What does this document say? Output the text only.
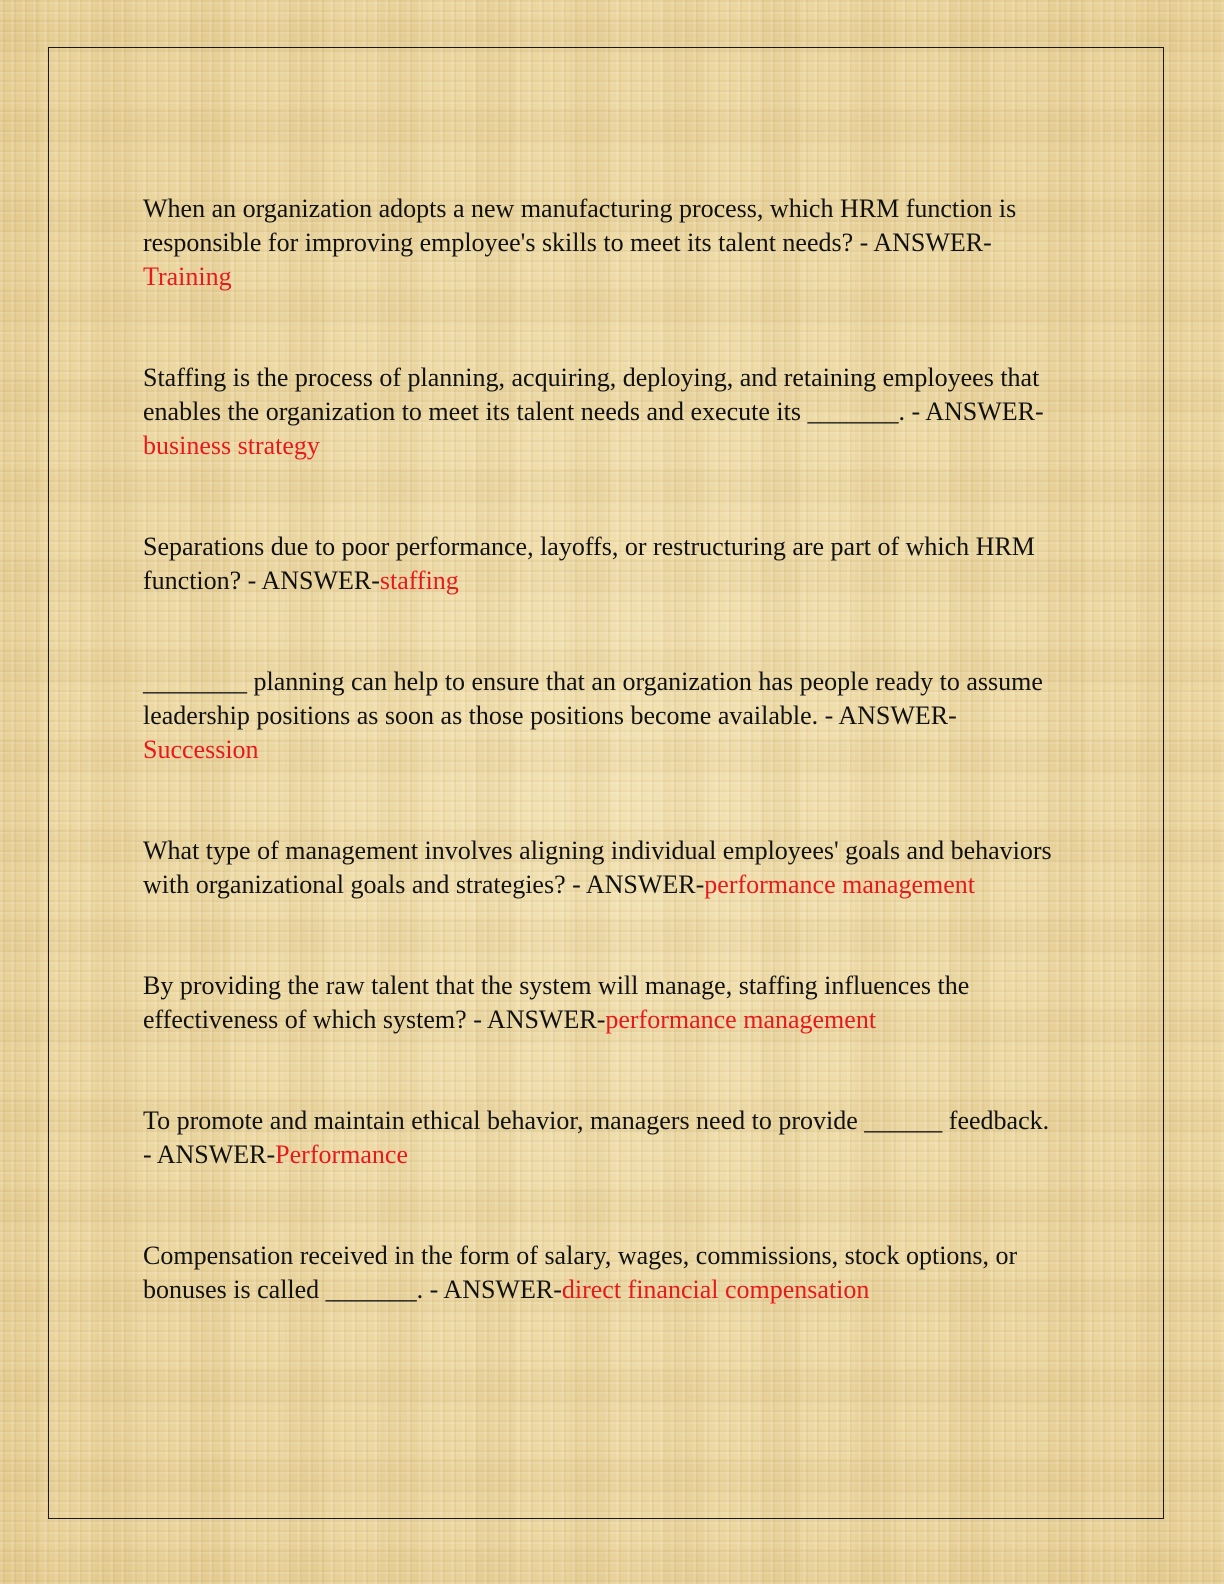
When an organization adopts a new manufacturing process, which HRM function is responsible for improving employee's skills to meet its talent needs? - ANSWER-Training

Staffing is the process of planning, acquiring, deploying, and retaining employees that enables the organization to meet its talent needs and execute its _______. - ANSWER-business strategy

Separations due to poor performance, layoffs, or restructuring are part of which HRM function? - ANSWER-staffing

________ planning can help to ensure that an organization has people ready to assume leadership positions as soon as those positions become available. - ANSWER-Succession

What type of management involves aligning individual employees' goals and behaviors with organizational goals and strategies? - ANSWER-performance management

By providing the raw talent that the system will manage, staffing influences the effectiveness of which system? - ANSWER-performance management

To promote and maintain ethical behavior, managers need to provide ______ feedback. - ANSWER-Performance

Compensation received in the form of salary, wages, commissions, stock options, or bonuses is called _______. - ANSWER-direct financial compensation
